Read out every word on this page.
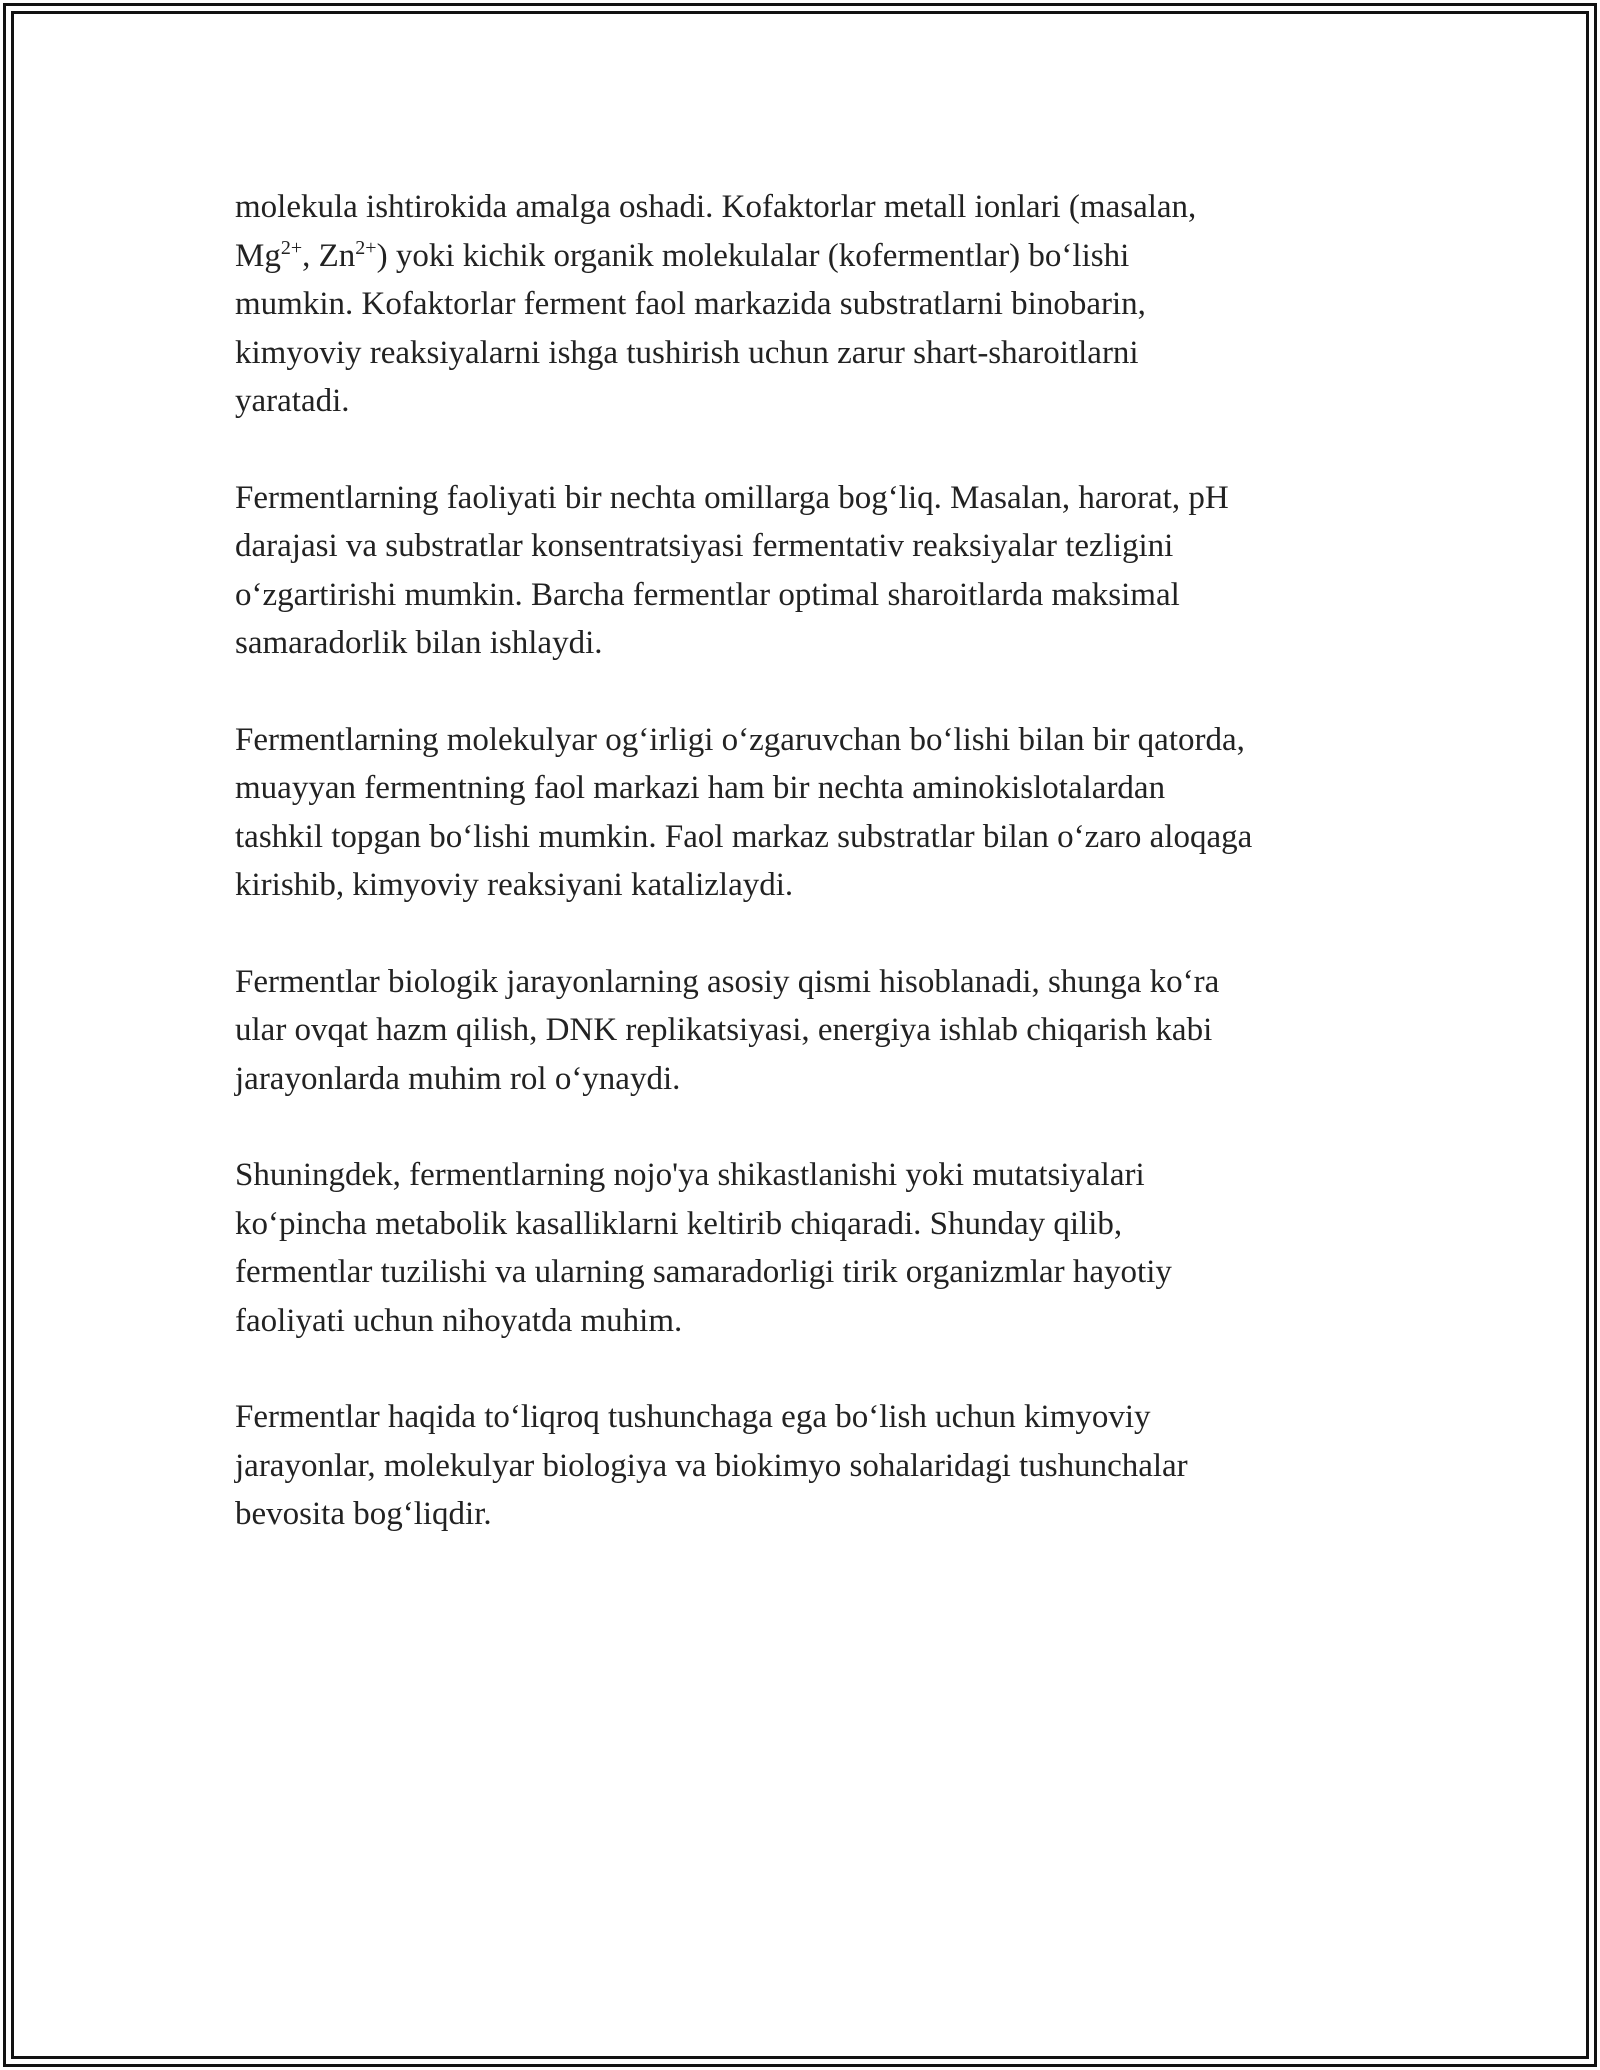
molekula ishtirokida amalga oshadi. Kofaktorlar metall ionlari (masalan,
$Mg^{2+}$, $Zn^{2+}$) yoki kichik organik molekulalar (kofermentlar) bo‘lishi
mumkin. Kofaktorlar ferment faol markazida substratlarni binobarin,
kimyoviy reaksiyalarni ishga tushirish uchun zarur shart-sharoitlarni
yaratadi.

Fermentlarning faoliyati bir nechta omillarga bog‘liq. Masalan, harorat, pH
darajasi va substratlar konsentratsiyasi fermentativ reaksiyalar tezligini
o‘zgartirishi mumkin. Barcha fermentlar optimal sharoitlarda maksimal
samaradorlik bilan ishlaydi.

Fermentlarning molekulyar og‘irligi o‘zgaruvchan bo‘lishi bilan bir qatorda,
muayyan fermentning faol markazi ham bir nechta aminokislotalardan
tashkil topgan bo‘lishi mumkin. Faol markaz substratlar bilan o‘zaro aloqaga
kirishib, kimyoviy reaksiyani katalizlaydi.

Fermentlar biologik jarayonlarning asosiy qismi hisoblanadi, shunga ko‘ra
ular ovqat hazm qilish, DNK replikatsiyasi, energiya ishlab chiqarish kabi
jarayonlarda muhim rol o‘ynaydi.

Shuningdek, fermentlarning nojo'ya shikastlanishi yoki mutatsiyalari
ko‘pincha metabolik kasalliklarni keltirib chiqaradi. Shunday qilib,
fermentlar tuzilishi va ularning samaradorligi tirik organizmlar hayotiy
faoliyati uchun nihoyatda muhim.

Fermentlar haqida to‘liqroq tushunchaga ega bo‘lish uchun kimyoviy
jarayonlar, molekulyar biologiya va biokimyo sohalaridagi tushunchalar
bevosita bog‘liqdir.
